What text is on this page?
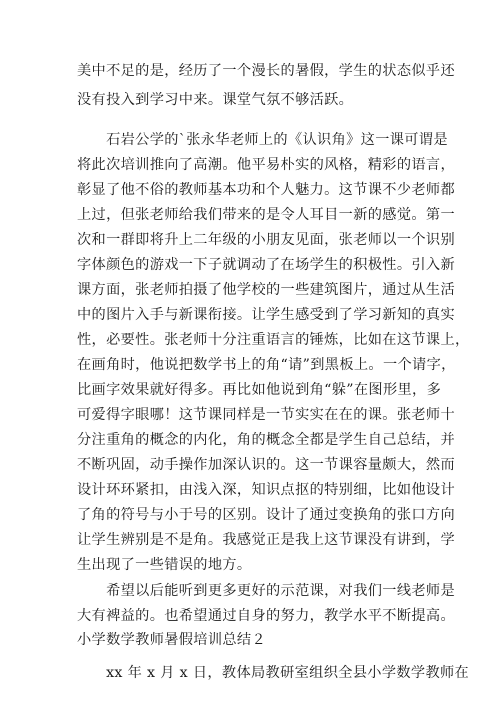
美中不足的是，经历了一个漫长的暑假，学生的状态似乎还
没有投入到学习中来。课堂气氛不够活跃。
　　石岩公学的`张永华老师上的《认识角》这一课可谓是
将此次培训推向了高潮。他平易朴实的风格，精彩的语言，
彰显了他不俗的教师基本功和个人魅力。这节课不少老师都
上过，但张老师给我们带来的是令人耳目一新的感觉。第一
次和一群即将升上二年级的小朋友见面，张老师以一个识别
字体颜色的游戏一下子就调动了在场学生的积极性。引入新
课方面，张老师拍摄了他学校的一些建筑图片，通过从生活
中的图片入手与新课衔接。让学生感受到了学习新知的真实
性，必要性。张老师十分注重语言的锤炼，比如在这节课上，
在画角时，他说把数学书上的角“请”到黑板上。一个请字，
比画字效果就好得多。再比如他说到角“躲”在图形里，多
可爱得字眼哪！这节课同样是一节实实在在的课。张老师十
分注重角的概念的内化，角的概念全都是学生自己总结，并
不断巩固，动手操作加深认识的。这一节课容量颇大，然而
设计环环紧扣，由浅入深，知识点抠的特别细，比如他设计
了角的符号与小于号的区别。设计了通过变换角的张口方向
让学生辨别是不是角。我感觉正是我上这节课没有讲到，学
生出现了一些错误的地方。
　　希望以后能听到更多更好的示范课，对我们一线老师是
大有裨益的。也希望通过自身的努力，教学水平不断提高。
小学数学教师暑假培训总结２
　　xx 年 x 月 x 日，教体局教研室组织全县小学数学教师在
